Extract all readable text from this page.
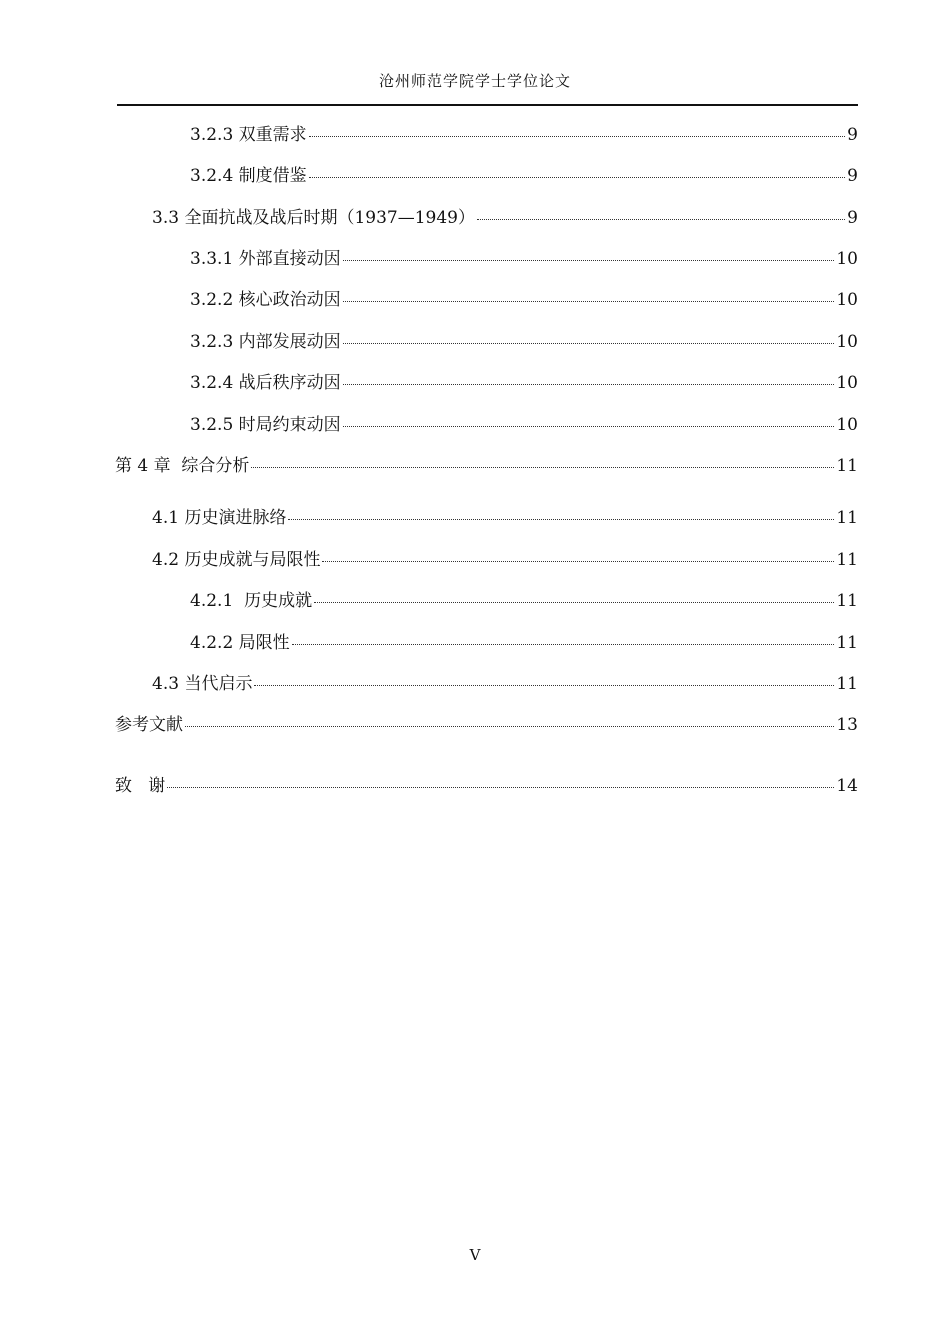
沧州师范学院学士学位论文
3.2.3 双重需求	9
3.2.4 制度借鉴	9
3.3 全面抗战及战后时期（1937—1949）	9
3.3.1 外部直接动因	10
3.2.2 核心政治动因	10
3.2.3 内部发展动因	10
3.2.4 战后秩序动因	10
3.2.5 时局约束动因	10
第 4 章  综合分析	11
4.1 历史演进脉络	11
4.2 历史成就与局限性	11
4.2.1  历史成就	11
4.2.2 局限性	11
4.3 当代启示	11
参考文献	13
致   谢	14
V
